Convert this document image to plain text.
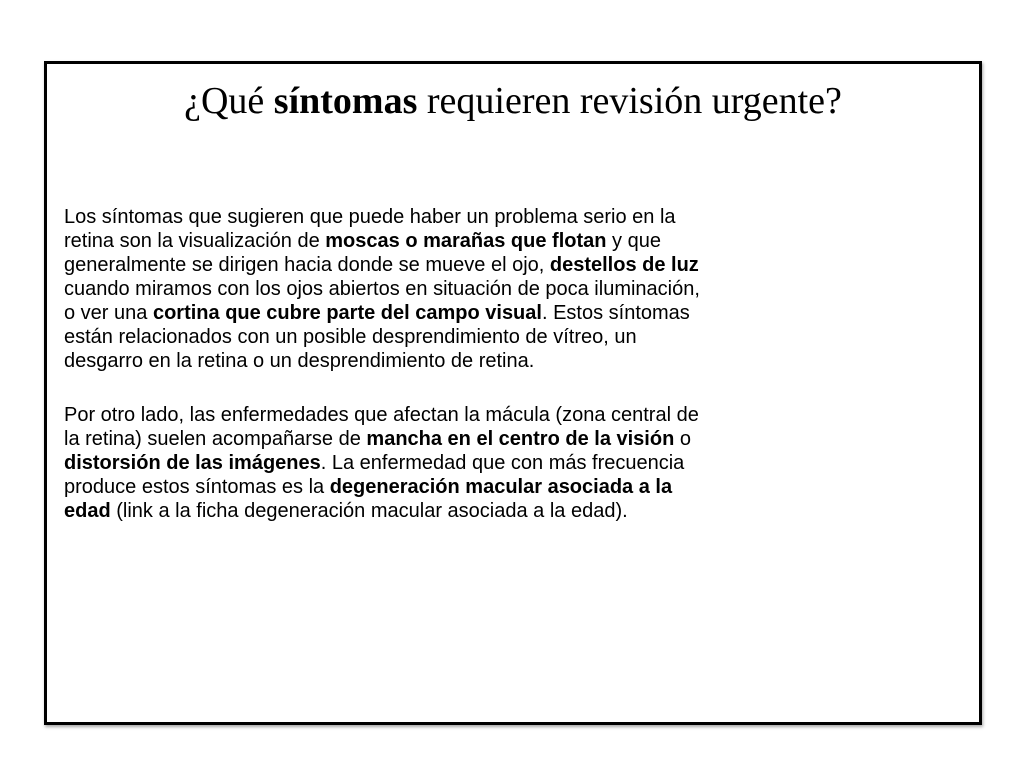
¿Qué síntomas requieren revisión urgente?

Los síntomas que sugieren que puede haber un problema serio en la retina son la visualización de moscas o marañas que flotan y que generalmente se dirigen hacia donde se mueve el ojo, destellos de luz cuando miramos con los ojos abiertos en situación de poca iluminación, o ver una cortina que cubre parte del campo visual. Estos síntomas están relacionados con un posible desprendimiento de vítreo, un desgarro en la retina o un desprendimiento de retina.

Por otro lado, las enfermedades que afectan la mácula (zona central de la retina) suelen acompañarse de mancha en el centro de la visión o distorsión de las imágenes. La enfermedad que con más frecuencia produce estos síntomas es la degeneración macular asociada a la edad (link a la ficha degeneración macular asociada a la edad).
